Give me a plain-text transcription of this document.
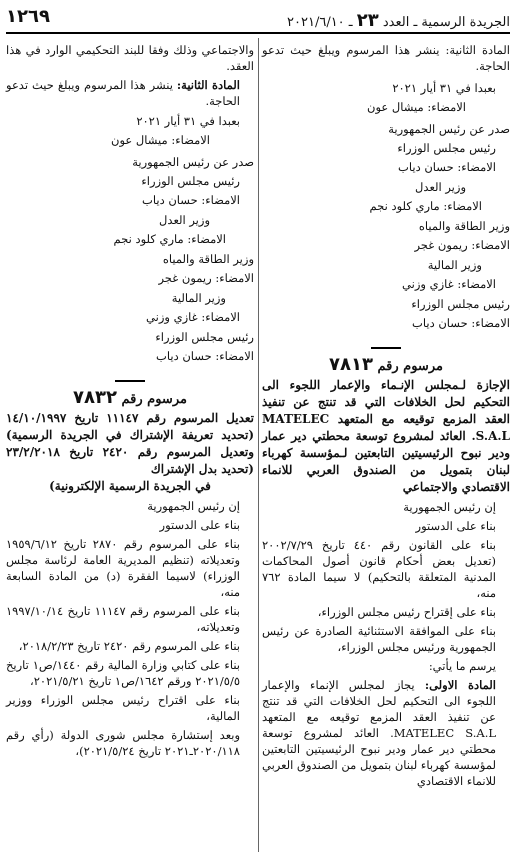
الجريدة الرسمية ـ العدد ٢٣ ـ ٢٠٢١/٦/١٠
١٢٦٩

المادة الثانية: ينشر هذا المرسوم ويبلغ حيث تدعو الحاجة.

بعبدا في ٣١ أيار ٢٠٢١

الامضاء: ميشال عون

صدر عن رئيس الجمهورية

رئيس مجلس الوزراء

الامضاء: حسان دياب

وزير العدل

الامضاء: ماري كلود نجم

وزير الطاقة والمياه

الامضاء: ريمون غجر

وزير المالية

الامضاء: غازي وزني

رئيس مجلس الوزراء

الامضاء: حسان دياب

مرسوم رقم ٧٨١٣

الإجازة لـمجلس الإنـماء والإعمار اللجوء الى التحكيم لحل الخلافات التي قد تنتج عن تنفيذ العقد المزمع توقيعه مع المتعهد MATELEC S.A.L. العائد لمشروع توسعة محطتي دير عمار ودير نبوح الرئيسيتين التابعتين لـمؤسسة كهرباء لبنان بتمويل من الصندوق العربي للانماء الاقتصادي والاجتماعي

إن رئيس الجمهورية

بناء على الدستور

بناء على القانون رقم ٤٤٠ تاريخ ٢٠٠٢/٧/٢٩ (تعديل بعض أحكام قانون أصول المحاكمات المدنية المتعلقة بالتحكيم) لا سيما المادة ٧٦٢ منه،

بناء على إقتراح رئيس مجلس الوزراء،

بناء على الموافقة الاستثنائية الصادرة عن رئيس الجمهورية ورئيس مجلس الوزراء،

يرسم ما يأتي:

المادة الاولى: يجاز لمجلس الإنماء والإعمار اللجوء الى التحكيم لحل الخلافات التي قد تنتج عن تنفيذ العقد المزمع توقيعه مع المتعهد MATELEC S.A.L. العائد لمشروع توسعة محطتي دير عمار ودير نبوح الرئيسيتين التابعتين لمؤسسة كهرباء لبنان بتمويل من الصندوق العربي للانماء الاقتصادي

والاجتماعي وذلك وفقا للبند التحكيمي الوارد في هذا العقد.

المادة الثانية: ينشر هذا المرسوم ويبلغ حيث تدعو الحاجة.

بعبدا في ٣١ أيار ٢٠٢١

الامضاء: ميشال عون

صدر عن رئيس الجمهورية

رئيس مجلس الوزراء

الامضاء: حسان دياب

وزير العدل

الامضاء: ماري كلود نجم

وزير الطاقة والمياه

الامضاء: ريمون غجر

وزير المالية

الامضاء: غازي وزني

رئيس مجلس الوزراء

الامضاء: حسان دياب

مرسوم رقم ٧٨٣٢

تعديل المرسوم رقم ١١١٤٧ تاريخ ١٤/١٠/١٩٩٧ (تحديد تعريفة الإشتراك في الجريدة الرسمية) وتعديل المرسوم رقم ٢٤٢٠ تاريخ ٢٣/٢/٢٠١٨ (تحديد بدل الإشتراك

في الجريدة الرسمية الإلكترونية)

إن رئيس الجمهورية

بناء على الدستور

بناء على المرسوم رقم ٢٨٧٠ تاريخ ١٩٥٩/٦/١٢ وتعديلاته (تنظيم المديرية العامة لرئاسة مجلس الوزراء) لاسيما الفقرة (د) من المادة السابعة منه،

بناء على المرسوم رقم ١١١٤٧ تاريخ ١٩٩٧/١٠/١٤ وتعديلاته،

بناء على المرسوم رقم ٢٤٢٠ تاريخ ٢٠١٨/٢/٢٣،

بناء على كتابي وزارة المالية رقم ١٤٤٠/ص١ تاريخ ٢٠٢١/٥/٥ ورقم ١٦٤٢/ص١ تاريخ ٢٠٢١/٥/٢١،

بناء على اقتراح رئيس مجلس الوزراء ووزير المالية،

وبعد إستشارة مجلس شورى الدولة (رأي رقم ٢٠٢٠/١١٨ـ٢٠٢١ تاريخ ٢٠٢١/٥/٢٤)،
